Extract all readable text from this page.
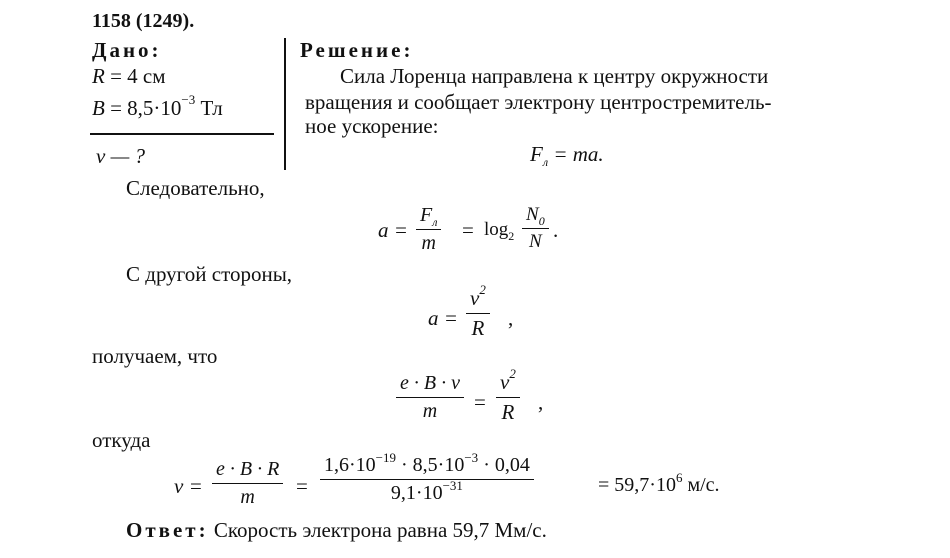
1158 (1249).
Дано:
R = 4 см
$B = 8,5\cdot 10^{-3}$ Тл
v — ?
Решение:
Сила Лоренца направлена к центру окружности
вращения и сообщает электрону центростремитель-
ное ускорение:
$F_л$ = ma.
Следовательно,
a =
$F_л$
m
= $\log_2$
$N_0$
N .
С другой стороны,
a =
$v^2$
R ,
получаем, что
e · B · v
m =
$v^2$
R ,
откуда
v =
e · B · R
m =
$1,6\cdot 10^{-19} \cdot 8,5\cdot 10^{-3} \cdot 0,04$
$9,1\cdot 10^{-31}$	= $59,7\cdot 10^6$ м/с.
Ответ: Скорость электрона равна 59,7 Мм/с.
